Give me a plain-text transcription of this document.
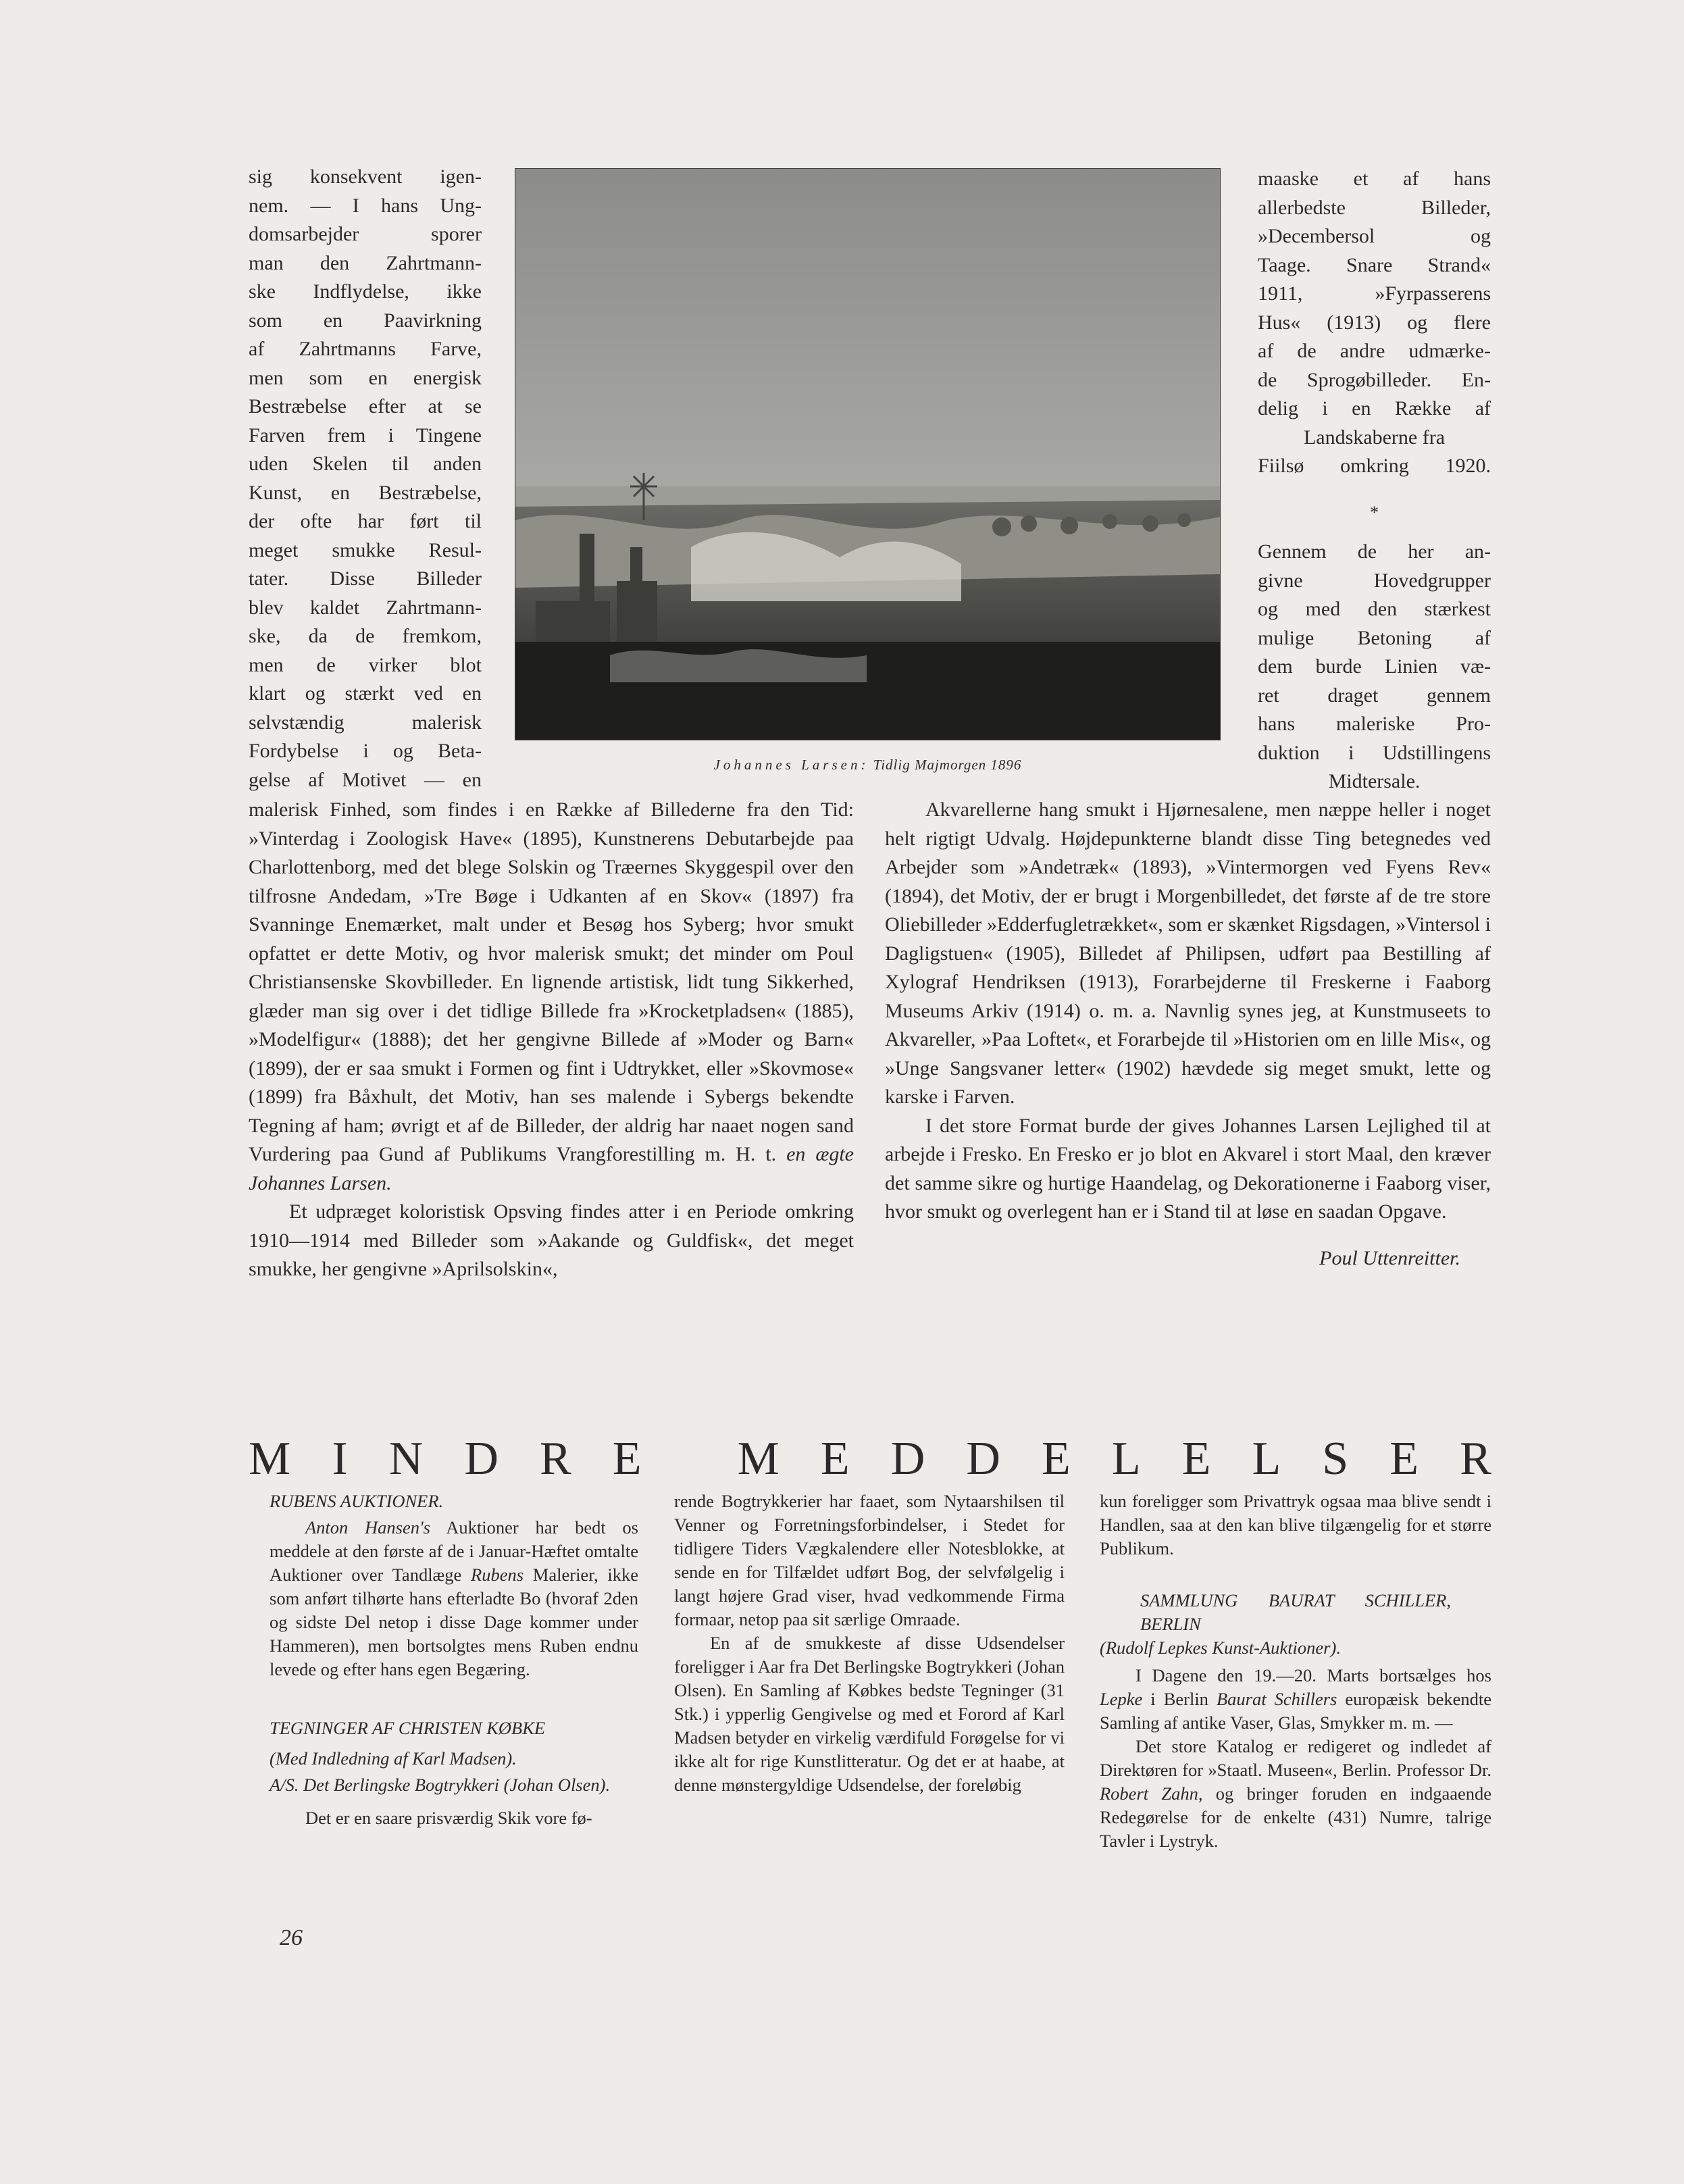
sig konsekvent igen-
nem. — I hans Ung-
domsarbejder sporer
man den Zahrtmann-
ske Indflydelse, ikke
som en Paavirkning
af Zahrtmanns Farve,
men som en energisk
Bestræbelse efter at se
Farven frem i Tingene
uden Skelen til anden
Kunst, en Bestræbelse,
der ofte har ført til
meget smukke Resul-
tater. Disse Billeder
blev kaldet Zahrtmann-
ske, da de fremkom,
men de virker blot
klart og stærkt ved en
selvstændig malerisk
Fordybelse i og Beta-
gelse af Motivet — en
Johannes Larsen: Tidlig Majmorgen 1896
maaske et af hans
allerbedste Billeder,
»Decembersol og
Taage. Snare Strand«
1911, »Fyrpasserens
Hus« (1913) og flere
af de andre udmærke-
de Sprogøbilleder. En-
delig i en Række af
Landskaberne fra
Fiilsø omkring 1920.
*
Gennem de her an-
givne Hovedgrupper
og med den stærkest
mulige Betoning af
dem burde Linien væ-
ret draget gennem
hans maleriske Pro-
duktion i Udstillingens
Midtersale.

malerisk Finhed, som findes i en Række af Billederne fra den Tid: »Vinterdag i Zoologisk Have« (1895), Kunstnerens Debutarbejde paa Charlottenborg, med det blege Solskin og Træernes Skyggespil over den tilfrosne Andedam, »Tre Bøge i Udkanten af en Skov« (1897) fra Svanninge Enemærket, malt under et Besøg hos Syberg; hvor smukt opfattet er dette Motiv, og hvor malerisk smukt; det minder om Poul Christiansenske Skovbilleder. En lignende artistisk, lidt tung Sikkerhed, glæder man sig over i det tidlige Billede fra »Krocketpladsen« (1885), »Modelfigur« (1888); det her gengivne Billede af »Moder og Barn« (1899), der er saa smukt i Formen og fint i Udtrykket, eller »Skovmose« (1899) fra Båxhult, det Motiv, han ses malende i Sybergs bekendte Tegning af ham; øvrigt et af de Billeder, der aldrig har naaet nogen sand Vurdering paa Gund af Publikums Vrangforestilling m. H. t. en ægte Johannes Larsen.

Et udpræget koloristisk Opsving findes atter i en Periode omkring 1910—1914 med Billeder som »Aakande og Guldfisk«, det meget smukke, her gengivne »Aprilsolskin«,

Akvarellerne hang smukt i Hjørnesalene, men næppe heller i noget helt rigtigt Udvalg. Højdepunkterne blandt disse Ting betegnedes ved Arbejder som »Andetræk« (1893), »Vintermorgen ved Fyens Rev« (1894), det Motiv, der er brugt i Morgenbilledet, det første af de tre store Oliebilleder »Edderfugletrækket«, som er skænket Rigsdagen, »Vintersol i Dagligstuen« (1905), Billedet af Philipsen, udført paa Bestilling af Xylograf Hendriksen (1913), Forarbejderne til Freskerne i Faaborg Museums Arkiv (1914) o. m. a. Navnlig synes jeg, at Kunstmuseets to Akvareller, »Paa Loftet«, et Forarbejde til »Historien om en lille Mis«, og »Unge Sangsvaner letter« (1902) hævdede sig meget smukt, lette og karske i Farven.

I det store Format burde der gives Johannes Larsen Lejlighed til at arbejde i Fresko. En Fresko er jo blot en Akvarel i stort Maal, den kræver det samme sikre og hurtige Haandelag, og Dekorationerne i Faaborg viser, hvor smukt og overlegent han er i Stand til at løse en saadan Opgave.

Poul Uttenreitter.

M I N D R E M E D D E L E L S E R

RUBENS AUKTIONER.

Anton Hansen's Auktioner har bedt os meddele at den første af de i Januar-Hæftet omtalte Auktioner over Tandlæge Rubens Malerier, ikke som anført tilhørte hans efterladte Bo (hvoraf 2den og sidste Del netop i disse Dage kommer under Hammeren), men bortsolgtes mens Ruben endnu levede og efter hans egen Begæring.

TEGNINGER AF CHRISTEN KØBKE

(Med Indledning af Karl Madsen).

A/S. Det Berlingske Bogtrykkeri (Johan Olsen).

Det er en saare prisværdig Skik vore fø-

rende Bogtrykkerier har faaet, som Nytaarshilsen til Venner og Forretningsforbindelser, i Stedet for tidligere Tiders Vægkalendere eller Notesblokke, at sende en for Tilfældet udført Bog, der selvfølgelig i langt højere Grad viser, hvad vedkommende Firma formaar, netop paa sit særlige Omraade.

En af de smukkeste af disse Udsendelser foreligger i Aar fra Det Berlingske Bogtrykkeri (Johan Olsen). En Samling af Købkes bedste Tegninger (31 Stk.) i ypperlig Gengivelse og med et Forord af Karl Madsen betyder en virkelig værdifuld Forøgelse for vi ikke alt for rige Kunstlitteratur. Og det er at haabe, at denne mønstergyldige Udsendelse, der foreløbig

kun foreligger som Privattryk ogsaa maa blive sendt i Handlen, saa at den kan blive tilgængelig for et større Publikum.

SAMMLUNG BAURAT SCHILLER, BERLIN

(Rudolf Lepkes Kunst-Auktioner).

I Dagene den 19.—20. Marts bortsælges hos Lepke i Berlin Baurat Schillers europæisk bekendte Samling af antike Vaser, Glas, Smykker m. m. —

Det store Katalog er redigeret og indledet af Direktøren for »Staatl. Museen«, Berlin. Professor Dr. Robert Zahn, og bringer foruden en indgaaende Redegørelse for de enkelte (431) Numre, talrige Tavler i Lystryk.

26
